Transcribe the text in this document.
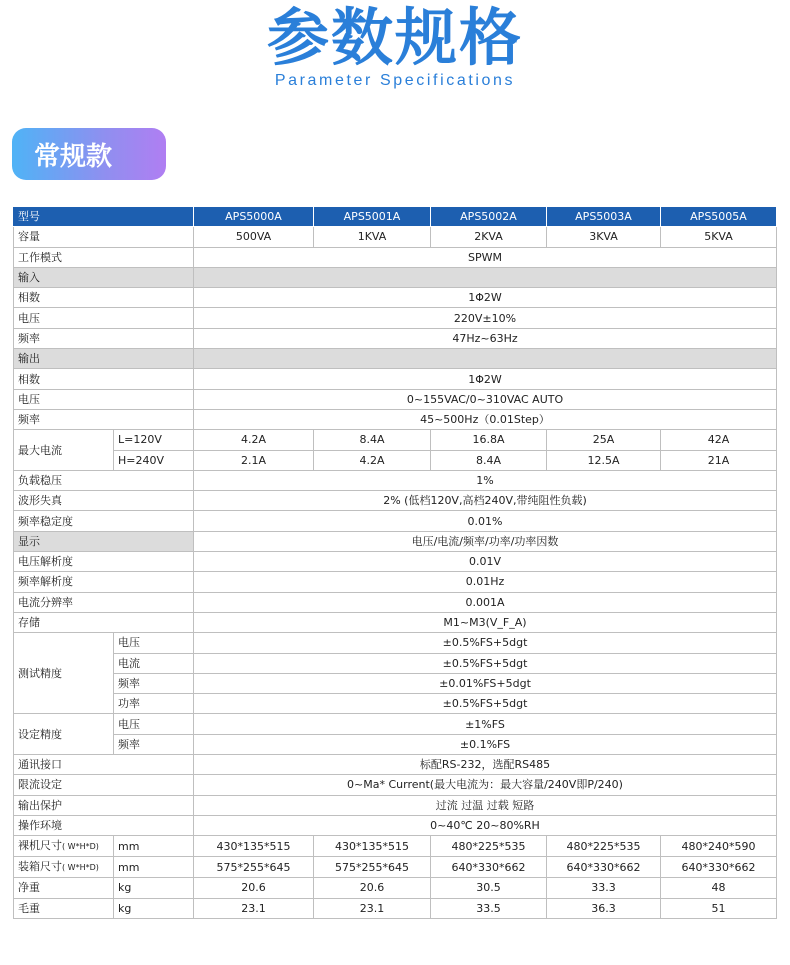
参数规格
Parameter Specifications
常规款
型号		APS5000A	APS5001A	APS5002A	APS5003A	APS5005A
容量		500VA	1KVA	2KVA	3KVA	5KVA
工作模式		SPWM				
输入						
相数		1Φ2W				
电压		220V±10%				
频率		47Hz~63Hz				
输出						
相数		1Φ2W				
电压		0~155VAC/0~310VAC AUTO				
频率		45~500Hz（0.01Step）				
最大电流	L=120V	4.2A	8.4A	16.8A	25A	42A
	H=240V	2.1A	4.2A	8.4A	12.5A	21A
负载稳压		1%				
波形失真		2% (低档120V,高档240V,带纯阻性负载)				
频率稳定度		0.01%				
显示		电压/电流/频率/功率/功率因数				
电压解析度		0.01V				
频率解析度		0.01Hz				
电流分辨率		0.001A				
存储		M1~M3(V_F_A)				
测试精度	电压	±0.5%FS+5dgt				
	电流	±0.5%FS+5dgt				
	频率	±0.01%FS+5dgt				
	功率	±0.5%FS+5dgt				
设定精度	电压	±1%FS				
	频率	±0.1%FS				
通讯接口		标配RS-232，选配RS485				
限流设定		0~Ma* Current(最大电流为：最大容量/240V即P/240)				
输出保护		过流 过温 过载 短路				
操作环境		0~40℃ 20~80%RH				
裸机尺寸( W*H*D)	mm	430*135*515	430*135*515	480*225*535	480*225*535	480*240*590
装箱尺寸( W*H*D)	mm	575*255*645	575*255*645	640*330*662	640*330*662	640*330*662
净重	kg	20.6	20.6	30.5	33.3	48
毛重	kg	23.1	23.1	33.5	36.3	51
